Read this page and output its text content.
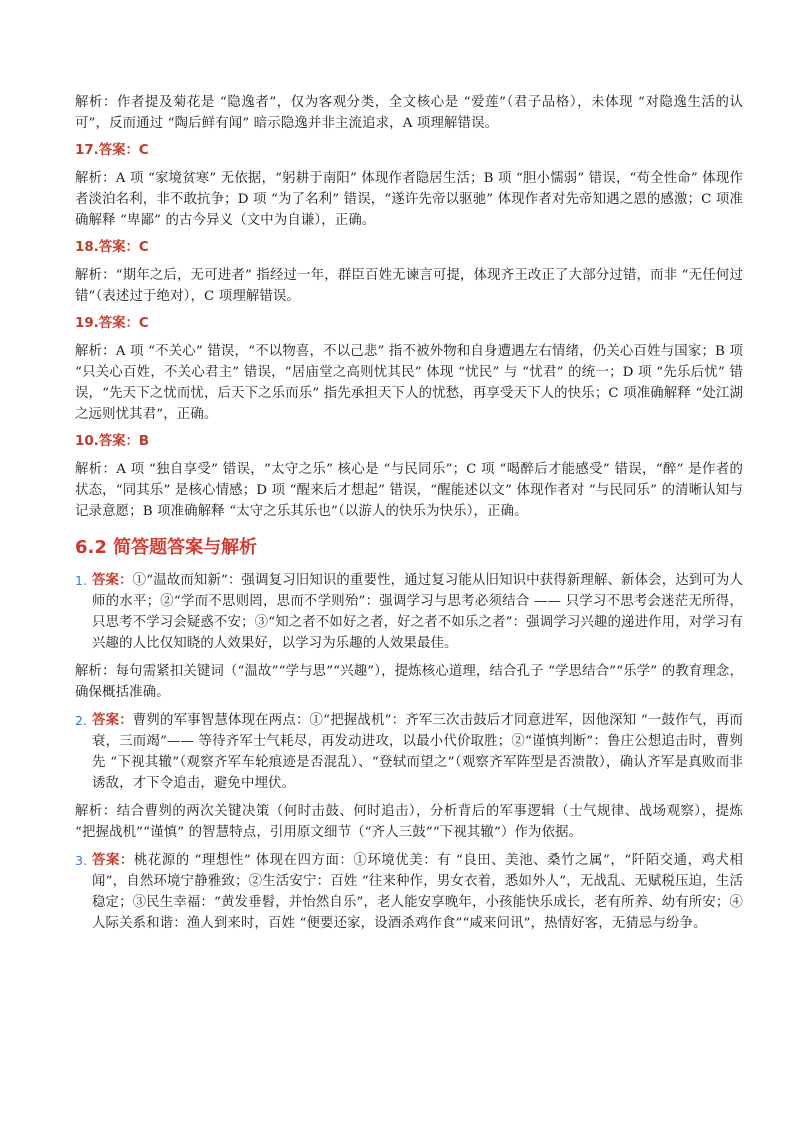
解析：作者提及菊花是 “隐逸者”，仅为客观分类，全文核心是 “爱莲”（君子品格），未体现 “对隐逸生活的认可”，反而通过 “陶后鲜有闻” 暗示隐逸并非主流追求，A 项理解错误。

17.答案：C

解析：A 项 “家境贫寒” 无依据，“躬耕于南阳” 体现作者隐居生活；B 项 “胆小懦弱” 错误，“苟全性命” 体现作者淡泊名利，非不敢抗争；D 项 “为了名利” 错误，“遂许先帝以驱驰” 体现作者对先帝知遇之恩的感激；C 项准确解释 “卑鄙” 的古今异义（文中为自谦），正确。

18.答案：C

解析：“期年之后，无可进者” 指经过一年，群臣百姓无谏言可提，体现齐王改正了大部分过错，而非 “无任何过错”（表述过于绝对），C 项理解错误。

19.答案：C

解析：A 项 “不关心” 错误，“不以物喜，不以己悲” 指不被外物和自身遭遇左右情绪，仍关心百姓与国家；B 项 “只关心百姓，不关心君主” 错误，“居庙堂之高则忧其民” 体现 “忧民” 与 “忧君” 的统一；D 项 “先乐后忧” 错误，“先天下之忧而忧，后天下之乐而乐” 指先承担天下人的忧愁，再享受天下人的快乐；C 项准确解释 “处江湖之远则忧其君”，正确。

10.答案：B

解析：A 项 “独自享受” 错误，“太守之乐” 核心是 “与民同乐”；C 项 “喝醉后才能感受” 错误，“醉” 是作者的状态，“同其乐” 是核心情感；D 项 “醒来后才想起” 错误，“醒能述以文” 体现作者对 “与民同乐” 的清晰认知与记录意愿；B 项准确解释 “太守之乐其乐也”（以游人的快乐为快乐），正确。

6.2 简答题答案与解析
1. 答案：①“温故而知新”：强调复习旧知识的重要性，通过复习能从旧知识中获得新理解、新体会，达到可为人师的水平；②“学而不思则罔，思而不学则殆”：强调学习与思考必须结合 —— 只学习不思考会迷茫无所得，只思考不学习会疑惑不安；③“知之者不如好之者，好之者不如乐之者”：强调学习兴趣的递进作用，对学习有兴趣的人比仅知晓的人效果好，以学习为乐趣的人效果最佳。

解析：每句需紧扣关键词（“温故”“学与思”“兴趣”），提炼核心道理，结合孔子 “学思结合”“乐学” 的教育理念，确保概括准确。

2. 答案：曹刿的军事智慧体现在两点：①“把握战机”：齐军三次击鼓后才同意进军，因他深知 “一鼓作气，再而衰，三而竭”—— 等待齐军士气耗尽，再发动进攻，以最小代价取胜；②“谨慎判断”：鲁庄公想追击时，曹刿先 “下视其辙”（观察齐军车轮痕迹是否混乱）、“登轼而望之”（观察齐军阵型是否溃散），确认齐军是真败而非诱敌，才下令追击，避免中埋伏。

解析：结合曹刿的两次关键决策（何时击鼓、何时追击），分析背后的军事逻辑（士气规律、战场观察），提炼 “把握战机”“谨慎” 的智慧特点，引用原文细节（“齐人三鼓”“下视其辙”）作为依据。

3. 答案：桃花源的 “理想性” 体现在四方面：①环境优美：有 “良田、美池、桑竹之属”，“阡陌交通，鸡犬相闻”，自然环境宁静雅致；②生活安宁：百姓 “往来种作，男女衣着，悉如外人”，无战乱、无赋税压迫，生活稳定；③民生幸福：“黄发垂髫，并怡然自乐”，老人能安享晚年，小孩能快乐成长，老有所养、幼有所安；④人际关系和谐：渔人到来时，百姓 “便要还家，设酒杀鸡作食”“咸来问讯”，热情好客，无猜忌与纷争。
